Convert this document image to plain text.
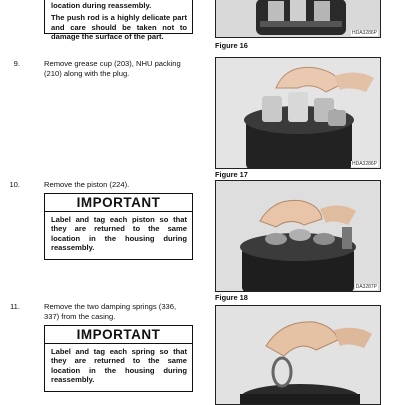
location during reassembly.

The push rod is a highly delicate part and care should be taken not to damage the surface of the part.	HDA3286P
Figure 16
9.	Remove grease cup (203), NHU packing
(210) along with the plug.
HDA3286P
Figure 17
10.	Remove the piston (224).
IMPORTANT
Label and tag each piston so that they are returned to the same location in the housing during reassembly.
DA3287P
Figure 18
11.	Remove the two damping springs (336,
337) from the casing.
IMPORTANT
Label and tag each spring so that they are returned to the same location in the housing during reassembly.
